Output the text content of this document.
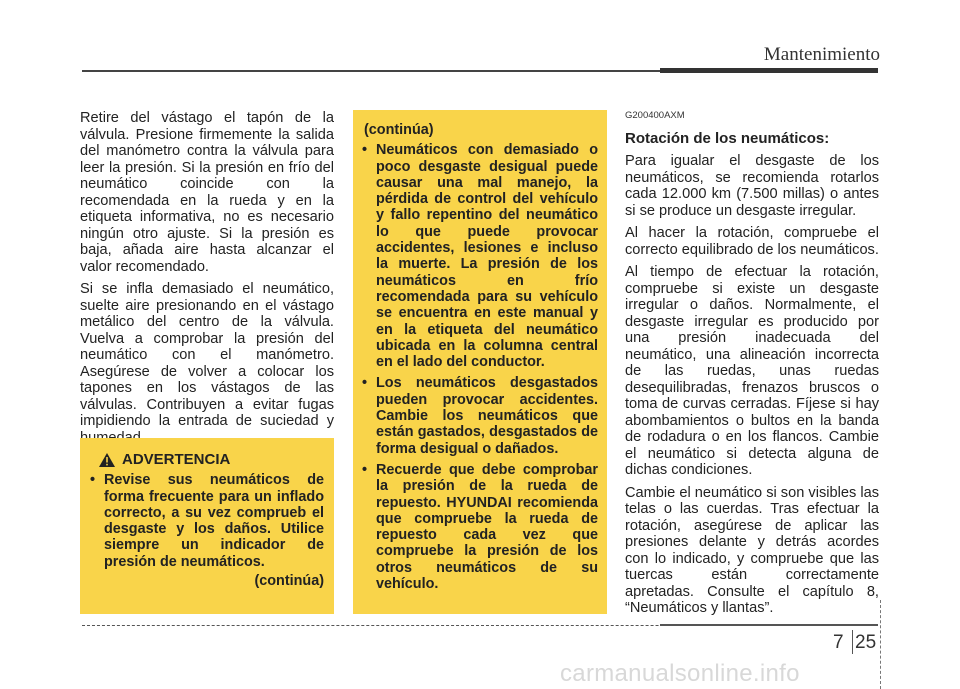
Mantenimiento

Retire del vástago el tapón de la válvula. Presione firmemente la salida del manómetro contra la válvula para leer la presión. Si la presión en frío del neumático coincide con la recomendada en la rueda y en la etiqueta informativa, no es necesario ningún otro ajuste. Si la presión es baja, añada aire hasta alcanzar el valor recomendado.

Si se infla demasiado el neumático, suelte aire presionando en el vástago metálico del centro de la válvula. Vuelva a comprobar la presión del neumático con el manómetro. Asegúrese de volver a colocar los tapones en los vástagos de las válvulas. Contribuyen a evitar fugas impidiendo la entrada de suciedad y

ADVERTENCIA
• Revise sus neumáticos de forma frecuente para un inflado correcto, a su vez comprueb el desgaste y los daños. Utilice siempre un indicador de presión de neumáticos.
(continúa)
(continúa)
• Neumáticos con demasiado o poco desgaste desigual puede causar una mal manejo, la pérdida de control del vehículo y fallo repentino del neumático lo que puede provocar accidentes, lesiones e incluso la muerte. La presión de los neumáticos en frío recomendada para su vehículo se encuentra en este manual y en la etiqueta del neumático ubicada en la columna central en el lado del conductor.
• Los neumáticos desgastados pueden provocar accidentes. Cambie los neumáticos que están gastados, desgastados de forma desigual o dañados.
• Recuerde que debe comprobar la presión de la rueda de repuesto. HYUNDAI recomienda que compruebe la rueda de repuesto cada vez que compruebe la presión de los otros neumáticos de su vehículo.
G200400AXM
Rotación de los neumáticos:

Para igualar el desgaste de los neumáticos, se recomienda rotarlos cada 12.000 km (7.500 millas) o antes si se produce un desgaste irregular.

Al hacer la rotación, compruebe el correcto equilibrado de los neumáticos.

Al tiempo de efectuar la rotación, compruebe si existe un desgaste irregular o daños. Normalmente, el desgaste irregular es producido por una presión inadecuada del neumático, una alineación incorrecta de las ruedas, unas ruedas desequilibradas, frenazos bruscos o toma de curvas cerradas. Fíjese si hay abombamientos o bultos en la banda de rodadura o en los flancos. Cambie el neumático si detecta alguna de dichas condiciones.

Cambie el neumático si son visibles las telas o las cuerdas. Tras efectuar la rotación, asegúrese de aplicar las presiones delante y detrás acordes con lo indicado, y compruebe que las tuercas están correctamente apretadas. Consulte el capítulo 8, “Neumáticos y llantas”.

7 25
carmanualsonline.info
